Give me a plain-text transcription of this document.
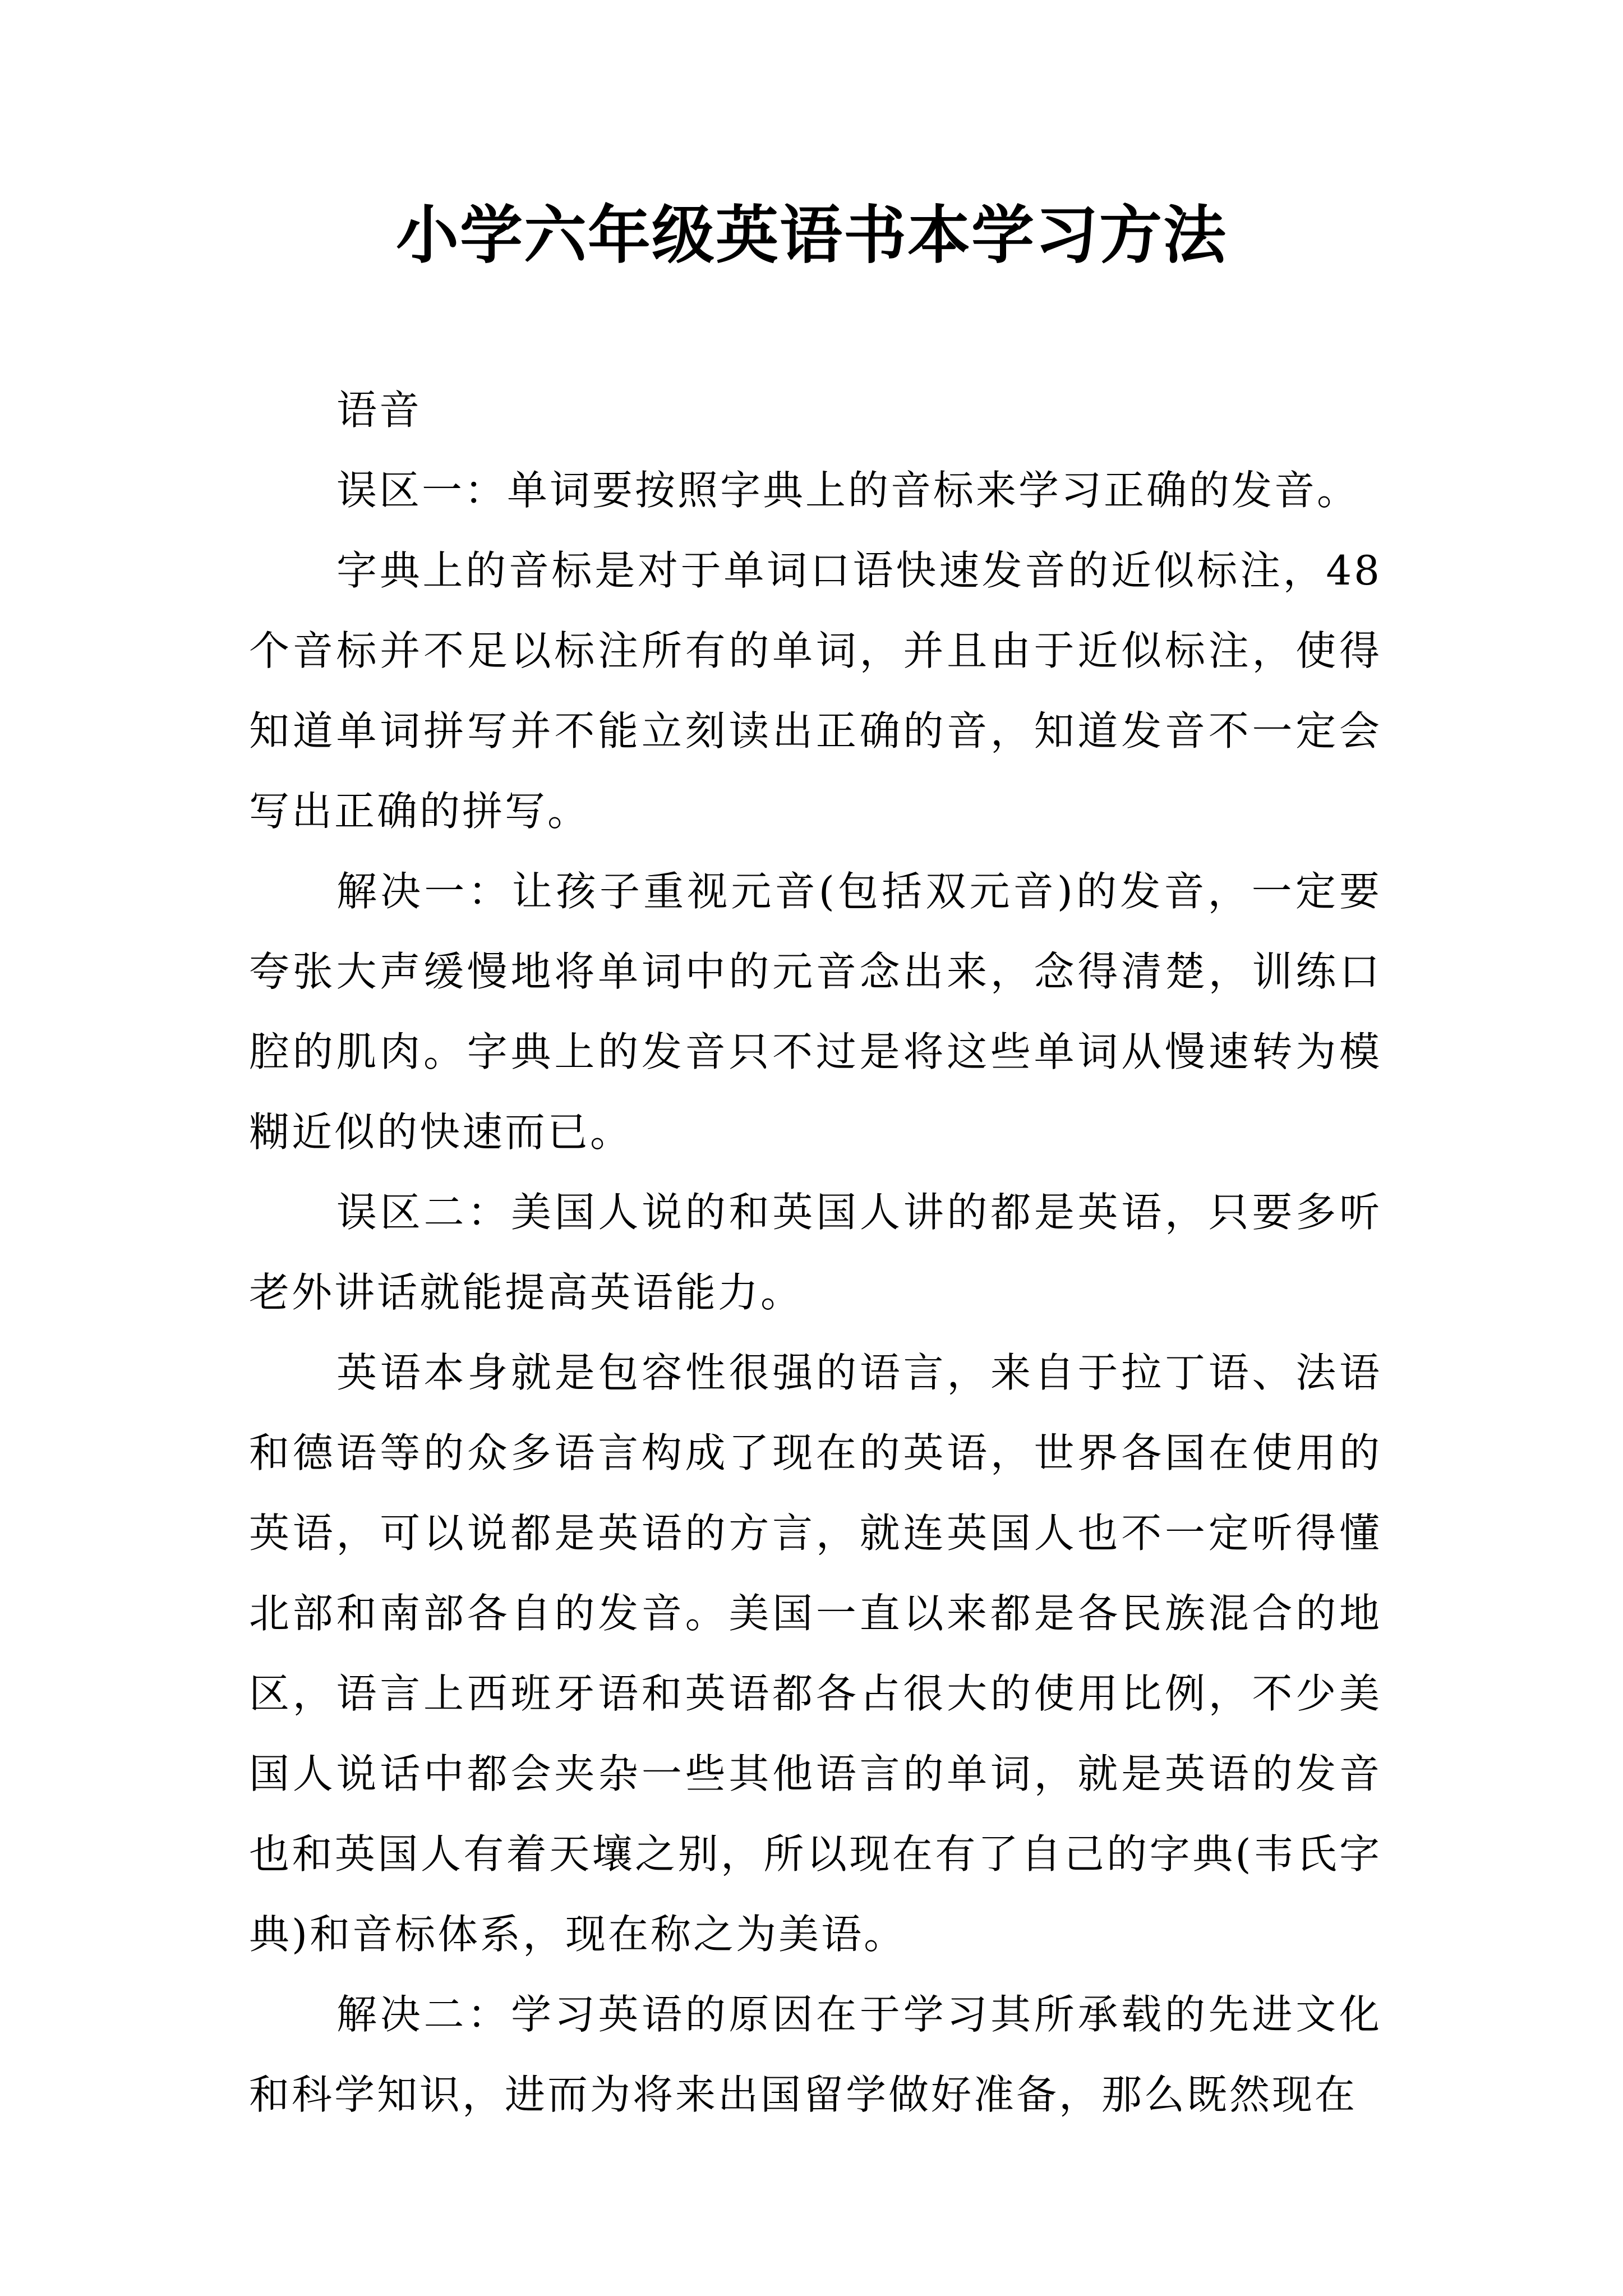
小学六年级英语书本学习方法

语音

误区一：单词要按照字典上的音标来学习正确的发音。

字典上的音标是对于单词口语快速发音的近似标注，48个音标并不足以标注所有的单词，并且由于近似标注，使得知道单词拼写并不能立刻读出正确的音，知道发音不一定会写出正确的拼写。

解决一：让孩子重视元音(包括双元音)的发音，一定要夸张大声缓慢地将单词中的元音念出来，念得清楚，训练口腔的肌肉。字典上的发音只不过是将这些单词从慢速转为模糊近似的快速而已。

误区二：美国人说的和英国人讲的都是英语，只要多听老外讲话就能提高英语能力。

英语本身就是包容性很强的语言，来自于拉丁语、法语和德语等的众多语言构成了现在的英语，世界各国在使用的英语，可以说都是英语的方言，就连英国人也不一定听得懂北部和南部各自的发音。美国一直以来都是各民族混合的地区，语言上西班牙语和英语都各占很大的使用比例，不少美国人说话中都会夹杂一些其他语言的单词，就是英语的发音也和英国人有着天壤之别，所以现在有了自己的字典(韦氏字典)和音标体系，现在称之为美语。

解决二：学习英语的原因在于学习其所承载的先进文化和科学知识，进而为将来出国留学做好准备，那么既然现在
